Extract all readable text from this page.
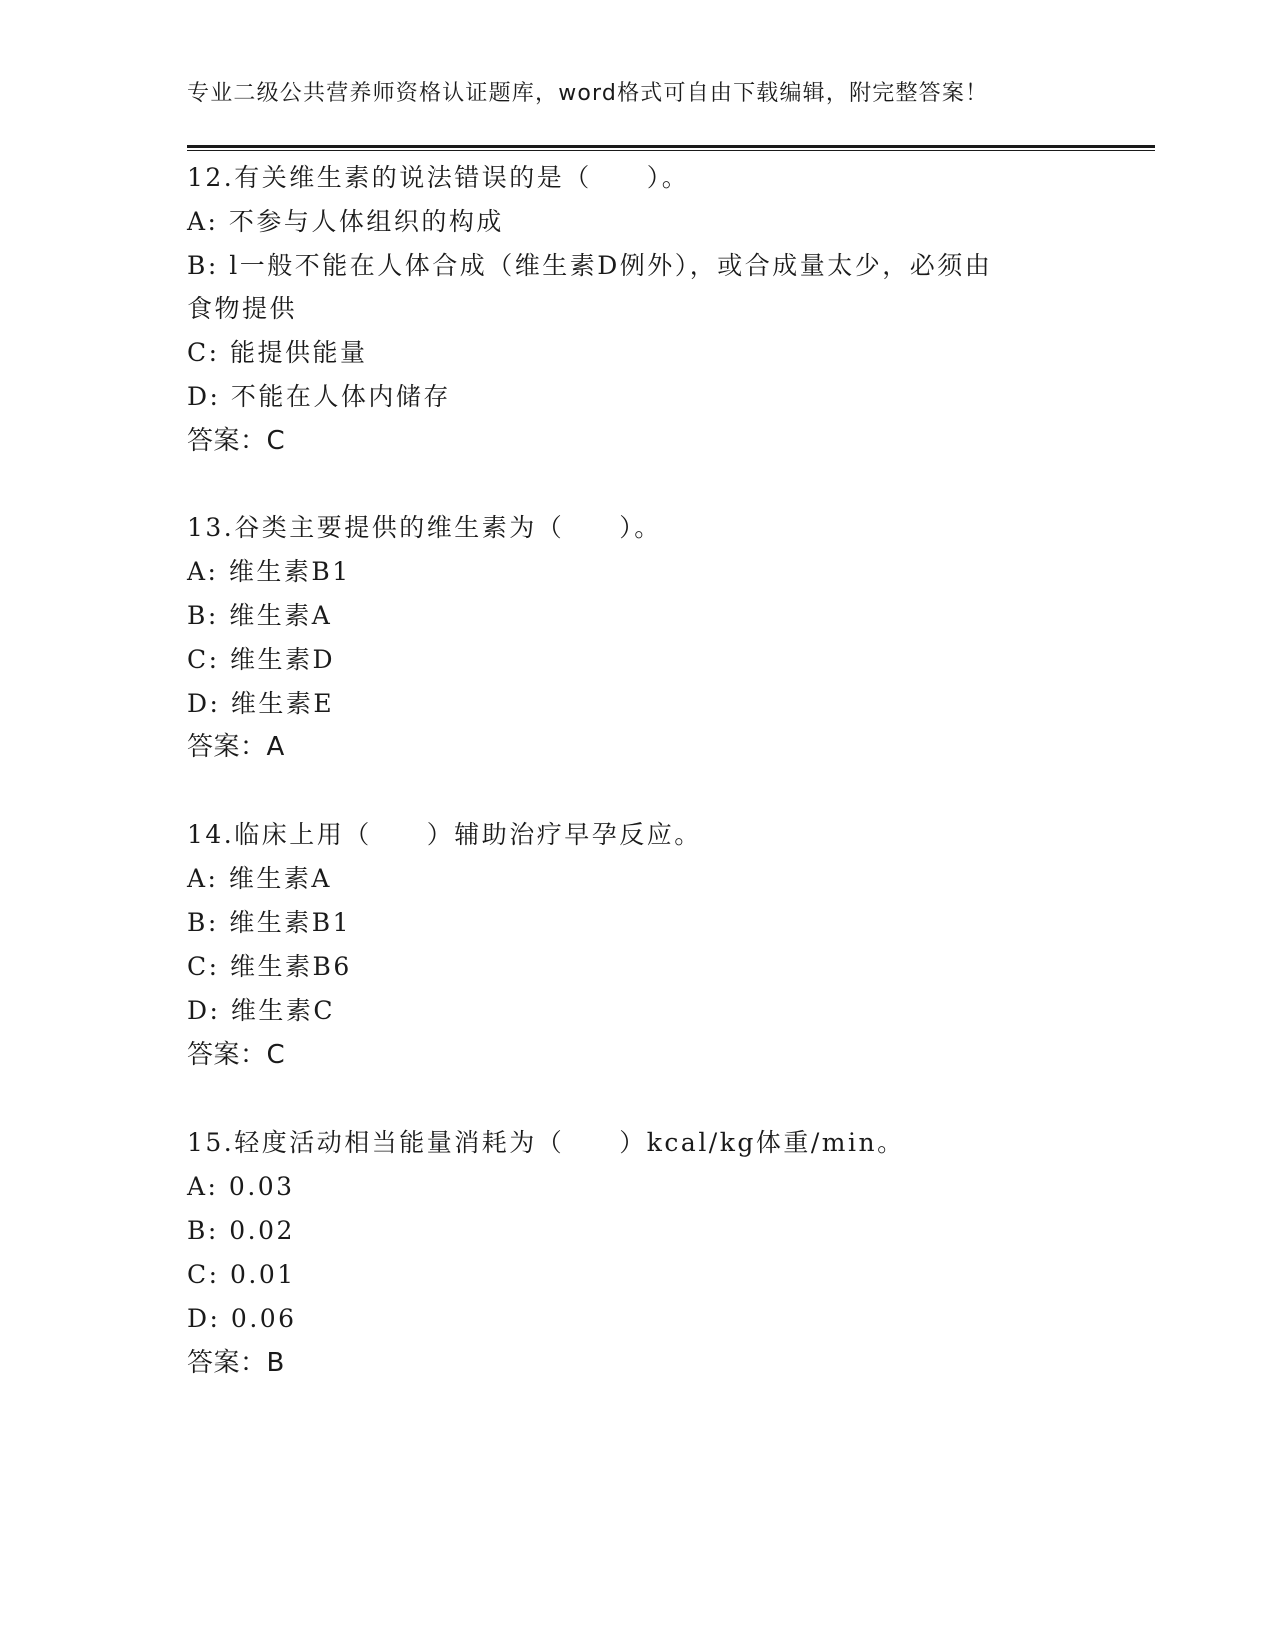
专业二级公共营养师资格认证题库，word格式可自由下载编辑，附完整答案！
12.有关维生素的说法错误的是（　　）。
A: 不参与人体组织的构成
B: l一般不能在人体合成（维生素D例外），或合成量太少，必须由
食物提供
C: 能提供能量
D: 不能在人体内储存
答案：C
13.谷类主要提供的维生素为（　　）。
A: 维生素B1
B: 维生素A
C: 维生素D
D: 维生素E
答案：A
14.临床上用（　　）辅助治疗早孕反应。
A: 维生素A
B: 维生素B1
C: 维生素B6
D: 维生素C
答案：C
15.轻度活动相当能量消耗为（　　）kcal/kg体重/min。
A: 0.03
B: 0.02
C: 0.01
D: 0.06
答案：B
